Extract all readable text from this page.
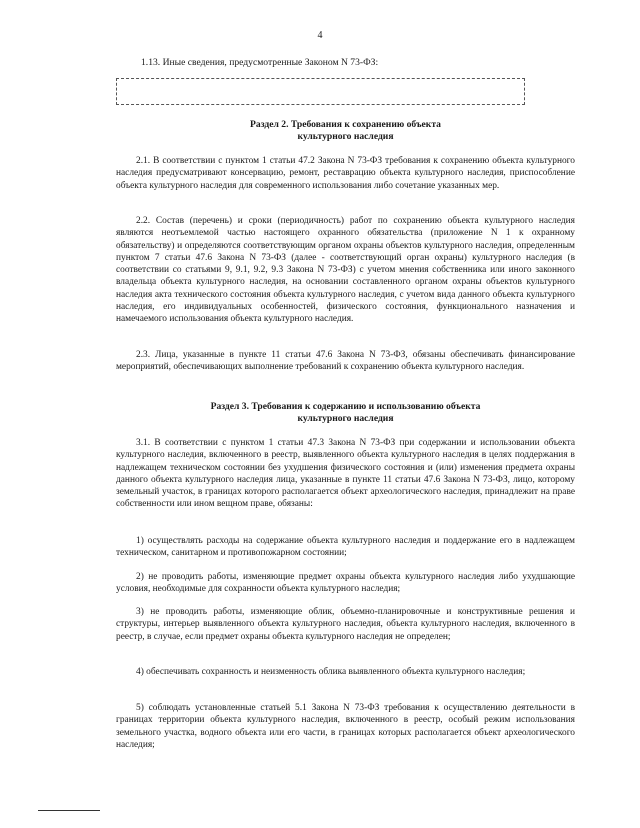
4
1.13. Иные сведения, предусмотренные Законом N 73-ФЗ:
Раздел 2. Требования к сохранению объекта
культурного наследия

2.1. В соответствии с пунктом 1 статьи 47.2 Закона N 73-ФЗ требования к сохранению объекта культурного наследия предусматривают консервацию, ремонт, реставрацию объекта культурного наследия, приспособление объекта культурного наследия для современного использования либо сочетание указанных мер.

2.2. Состав (перечень) и сроки (периодичность) работ по сохранению объекта культурного наследия являются неотъемлемой частью настоящего охранного обязательства (приложение N 1 к охранному обязательству) и определяются соответствующим органом охраны объектов культурного наследия, определенным пунктом 7 статьи 47.6 Закона N 73-ФЗ (далее - соответствующий орган охраны) культурного наследия (в соответствии со статьями 9, 9.1, 9.2, 9.3 Закона N 73-ФЗ) с учетом мнения собственника или иного законного владельца объекта культурного наследия, на основании составленного органом охраны объектов культурного наследия акта технического состояния объекта культурного наследия, с учетом вида данного объекта культурного наследия, его индивидуальных особенностей, физического состояния, функционального назначения и намечаемого использования объекта культурного наследия.

2.3. Лица, указанные в пункте 11 статьи 47.6 Закона N 73-ФЗ, обязаны обеспечивать финансирование мероприятий, обеспечивающих выполнение требований к сохранению объекта культурного наследия.

Раздел 3. Требования к содержанию и использованию объекта
культурного наследия

3.1. В соответствии с пунктом 1 статьи 47.3 Закона N 73-ФЗ при содержании и использовании объекта культурного наследия, включенного в реестр, выявленного объекта культурного наследия в целях поддержания в надлежащем техническом состоянии без ухудшения физического состояния и (или) изменения предмета охраны данного объекта культурного наследия лица, указанные в пункте 11 статьи 47.6 Закона N 73-ФЗ, лицо, которому земельный участок, в границах которого располагается объект археологического наследия, принадлежит на праве собственности или ином вещном праве, обязаны:

1) осуществлять расходы на содержание объекта культурного наследия и поддержание его в надлежащем техническом, санитарном и противопожарном состоянии;

2) не проводить работы, изменяющие предмет охраны объекта культурного наследия либо ухудшающие условия, необходимые для сохранности объекта культурного наследия;

3) не проводить работы, изменяющие облик, объемно-планировочные и конструктивные решения и структуры, интерьер выявленного объекта культурного наследия, объекта культурного наследия, включенного в реестр, в случае, если предмет охраны объекта культурного наследия не определен;

4) обеспечивать сохранность и неизменность облика выявленного объекта культурного наследия;

5) соблюдать установленные статьей 5.1 Закона N 73-ФЗ требования к осуществлению деятельности в границах территории объекта культурного наследия, включенного в реестр, особый режим использования земельного участка, водного объекта или его части, в границах которых располагается объект археологического наследия;
